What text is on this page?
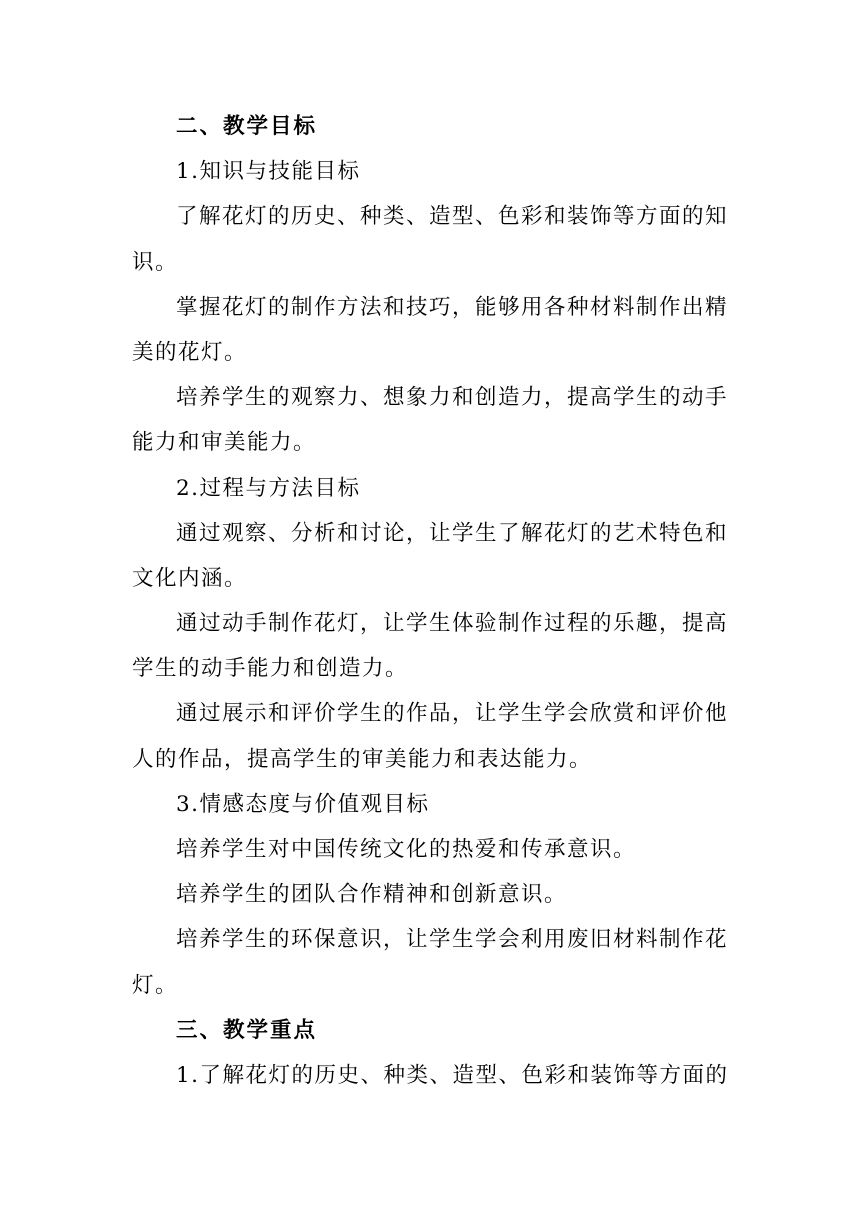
二、教学目标
1.知识与技能目标
了解花灯的历史、种类、造型、色彩和装饰等方面的知
识。
掌握花灯的制作方法和技巧，能够用各种材料制作出精
美的花灯。
培养学生的观察力、想象力和创造力，提高学生的动手
能力和审美能力。
2.过程与方法目标
通过观察、分析和讨论，让学生了解花灯的艺术特色和
文化内涵。
通过动手制作花灯，让学生体验制作过程的乐趣，提高
学生的动手能力和创造力。
通过展示和评价学生的作品，让学生学会欣赏和评价他
人的作品，提高学生的审美能力和表达能力。
3.情感态度与价值观目标
培养学生对中国传统文化的热爱和传承意识。
培养学生的团队合作精神和创新意识。
培养学生的环保意识，让学生学会利用废旧材料制作花
灯。
三、教学重点
1.了解花灯的历史、种类、造型、色彩和装饰等方面的
